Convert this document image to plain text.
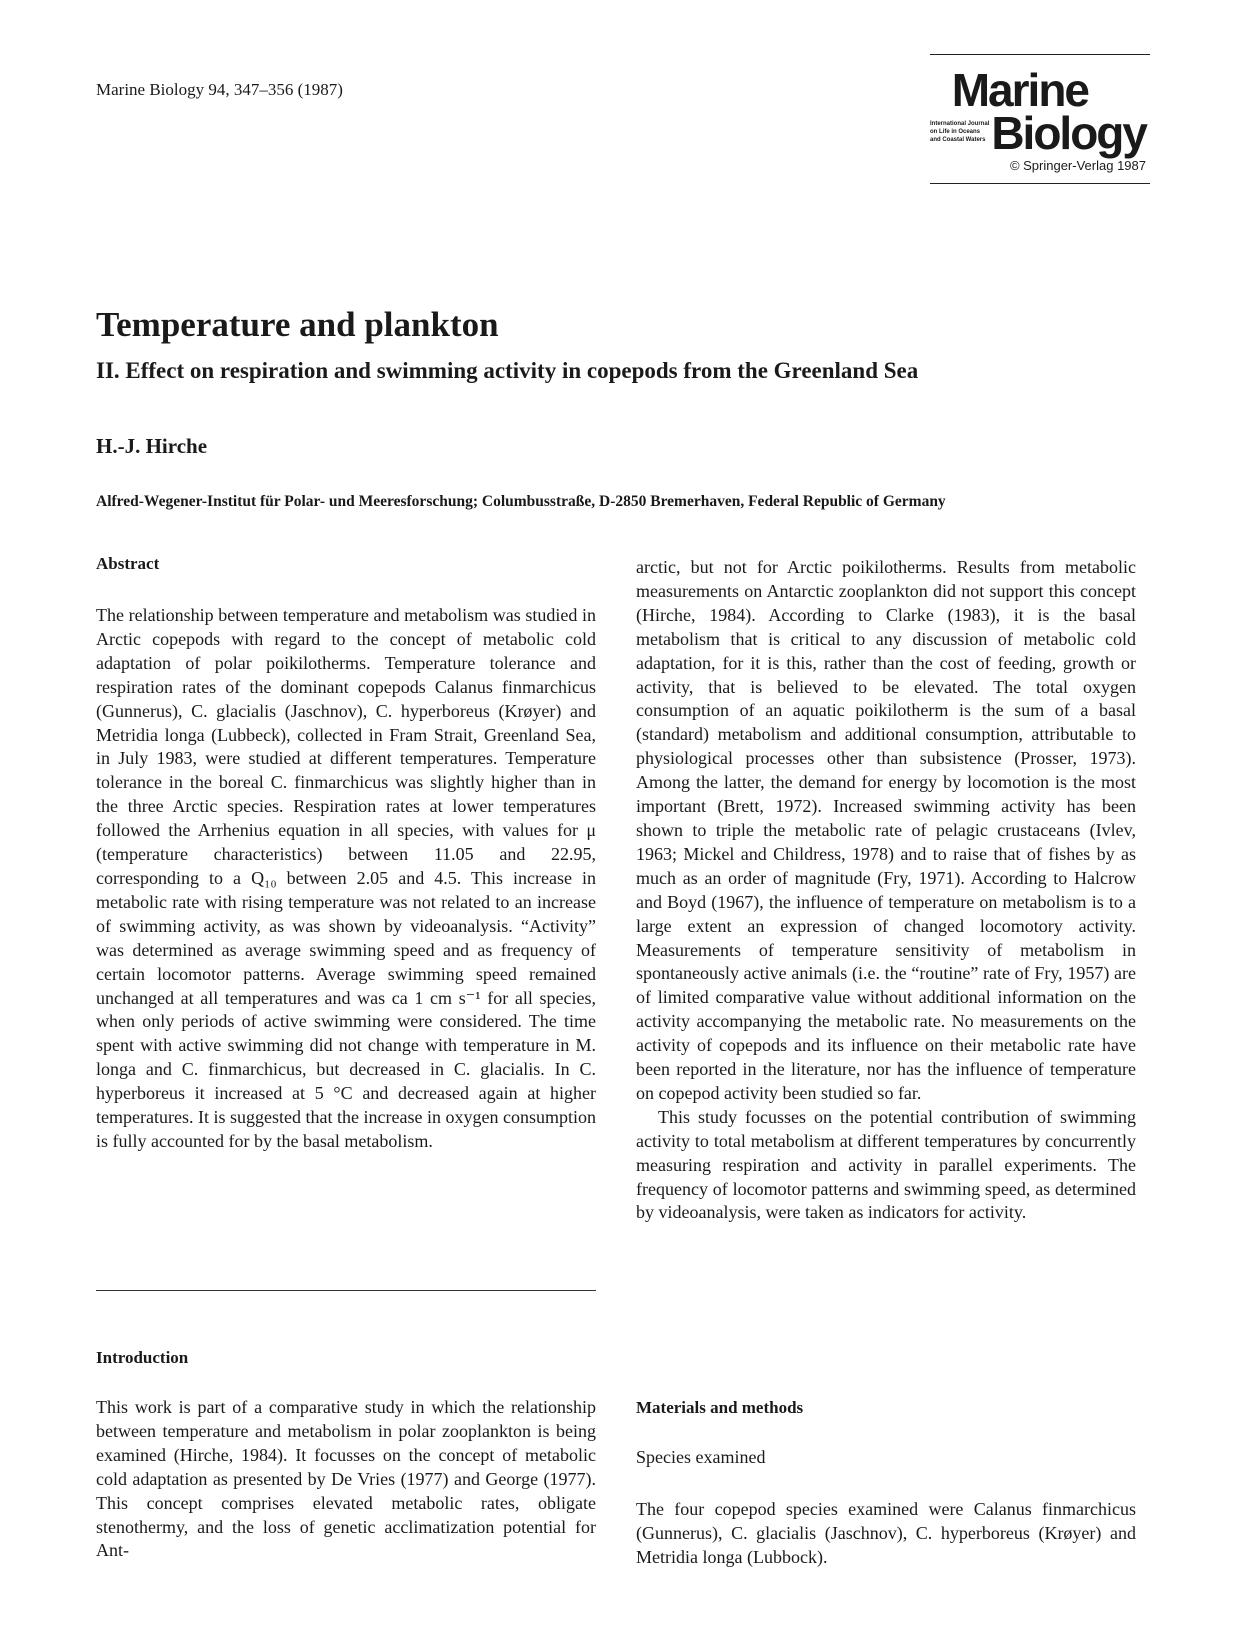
Marine Biology 94, 347–356 (1987)	Marine
International Journal
on Life in Oceans
and Coastal Waters Biology
© Springer-Verlag 1987
Temperature and plankton
II. Effect on respiration and swimming activity in copepods from the Greenland Sea
H.-J. Hirche
Alfred-Wegener-Institut für Polar- und Meeresforschung; Columbusstraße, D-2850 Bremerhaven, Federal Republic of Germany

Abstract

The relationship between temperature and metabolism was studied in Arctic copepods with regard to the concept of metabolic cold adaptation of polar poikilotherms. Temperature tolerance and respiration rates of the dominant copepods Calanus finmarchicus (Gunnerus), C. glacialis (Jaschnov), C. hyperboreus (Krøyer) and Metridia longa (Lubbeck), collected in Fram Strait, Greenland Sea, in July 1983, were studied at different temperatures. Temperature tolerance in the boreal C. finmarchicus was slightly higher than in the three Arctic species. Respiration rates at lower temperatures followed the Arrhenius equation in all species, with values for μ (temperature characteristics) between 11.05 and 22.95, corresponding to a Q₁₀ between 2.05 and 4.5. This increase in metabolic rate with rising temperature was not related to an increase of swimming activity, as was shown by videoanalysis. “Activity” was determined as average swimming speed and as frequency of certain locomotor patterns. Average swimming speed remained unchanged at all temperatures and was ca 1 cm s⁻¹ for all species, when only periods of active swimming were considered. The time spent with active swimming did not change with temperature in M. longa and C. finmarchicus, but decreased in C. glacialis. In C. hyperboreus it increased at 5 °C and decreased again at higher temperatures. It is suggested that the increase in oxygen consumption is fully accounted for by the basal metabolism.

Introduction

This work is part of a comparative study in which the relationship between temperature and metabolism in polar zooplankton is being examined (Hirche, 1984). It focusses on the concept of metabolic cold adaptation as presented by De Vries (1977) and George (1977). This concept comprises elevated metabolic rates, obligate stenothermy, and the loss of genetic acclimatization potential for Ant-

arctic, but not for Arctic poikilotherms. Results from metabolic measurements on Antarctic zooplankton did not support this concept (Hirche, 1984). According to Clarke (1983), it is the basal metabolism that is critical to any discussion of metabolic cold adaptation, for it is this, rather than the cost of feeding, growth or activity, that is believed to be elevated. The total oxygen consumption of an aquatic poikilotherm is the sum of a basal (standard) metabolism and additional consumption, attributable to physiological processes other than subsistence (Prosser, 1973). Among the latter, the demand for energy by locomotion is the most important (Brett, 1972). Increased swimming activity has been shown to triple the metabolic rate of pelagic crustaceans (Ivlev, 1963; Mickel and Childress, 1978) and to raise that of fishes by as much as an order of magnitude (Fry, 1971). According to Halcrow and Boyd (1967), the influence of temperature on metabolism is to a large extent an expression of changed locomotory activity. Measurements of temperature sensitivity of metabolism in spontaneously active animals (i.e. the “routine” rate of Fry, 1957) are of limited comparative value without additional information on the activity accompanying the metabolic rate. No measurements on the activity of copepods and its influence on their metabolic rate have been reported in the literature, nor has the influence of temperature on copepod activity been studied so far.

This study focusses on the potential contribution of swimming activity to total metabolism at different temperatures by concurrently measuring respiration and activity in parallel experiments. The frequency of locomotor patterns and swimming speed, as determined by videoanalysis, were taken as indicators for activity.

Materials and methods

Species examined

The four copepod species examined were Calanus finmarchicus (Gunnerus), C. glacialis (Jaschnov), C. hyperboreus (Krøyer) and Metridia longa (Lubbock).
